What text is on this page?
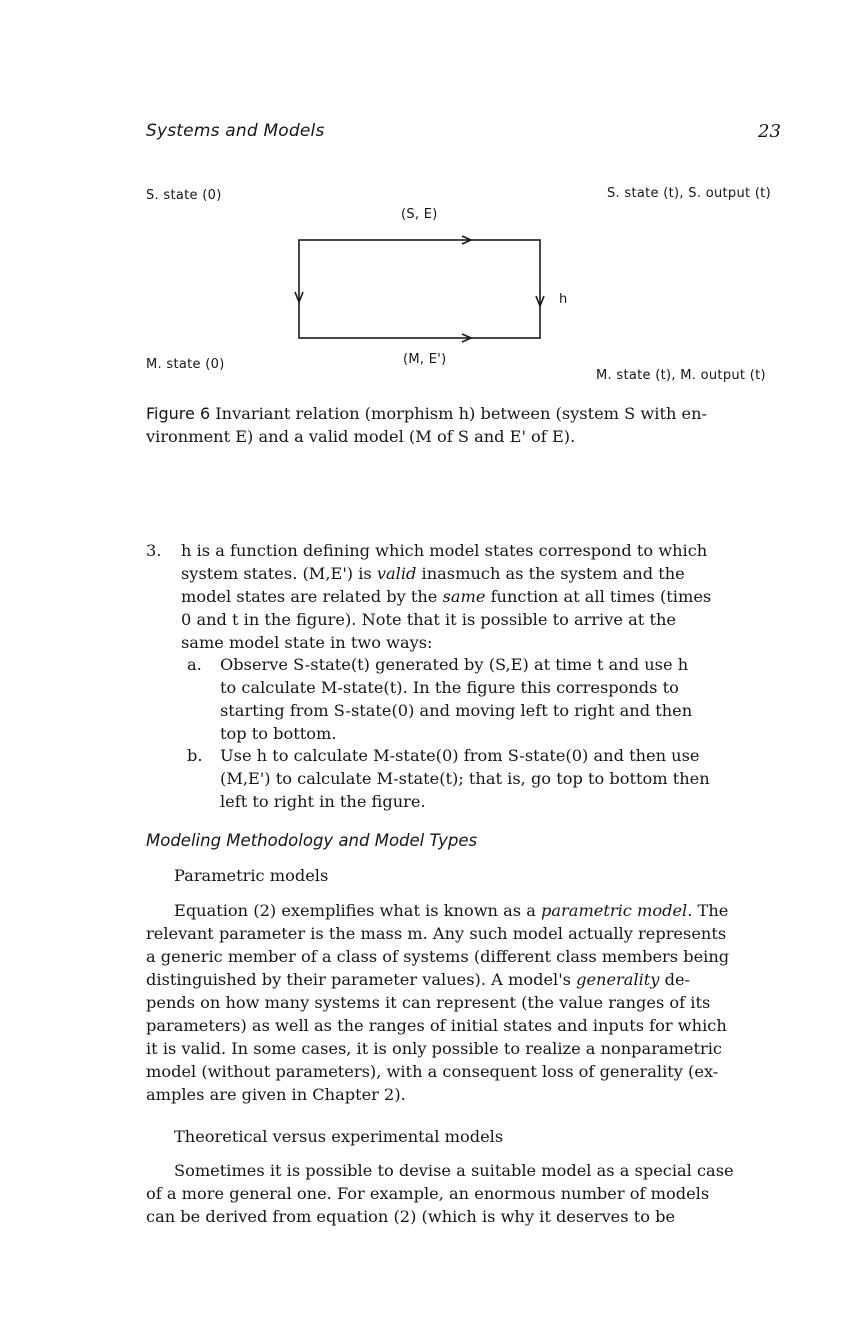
Systems and Models	23
S. state (0)	S. state (t), S. output (t)
(S, E)
h
M. state (0)	(M, E')
M. state (t), M. output (t)
Figure 6 Invariant relation (morphism h) between (system S with en-
vironment E) and a valid model (M of S and E' of E).
3. h is a function defining which model states correspond to which
system states. (M,E') is valid inasmuch as the system and the
model states are related by the same function at all times (times
0 and t in the figure). Note that it is possible to arrive at the
same model state in two ways:
a. Observe S-state(t) generated by (S,E) at time t and use h
to calculate M-state(t). In the figure this corresponds to
starting from S-state(0) and moving left to right and then
top to bottom.
b. Use h to calculate M-state(0) from S-state(0) and then use
(M,E') to calculate M-state(t); that is, go top to bottom then
left to right in the figure.
Modeling Methodology and Model Types
Parametric models
Equation (2) exemplifies what is known as a parametric model. The
relevant parameter is the mass m. Any such model actually represents
a generic member of a class of systems (different class members being
distinguished by their parameter values). A model's generality de-
pends on how many systems it can represent (the value ranges of its
parameters) as well as the ranges of initial states and inputs for which
it is valid. In some cases, it is only possible to realize a nonparametric
model (without parameters), with a consequent loss of generality (ex-
amples are given in Chapter 2).
Theoretical versus experimental models
Sometimes it is possible to devise a suitable model as a special case
of a more general one. For example, an enormous number of models
can be derived from equation (2) (which is why it deserves to be
